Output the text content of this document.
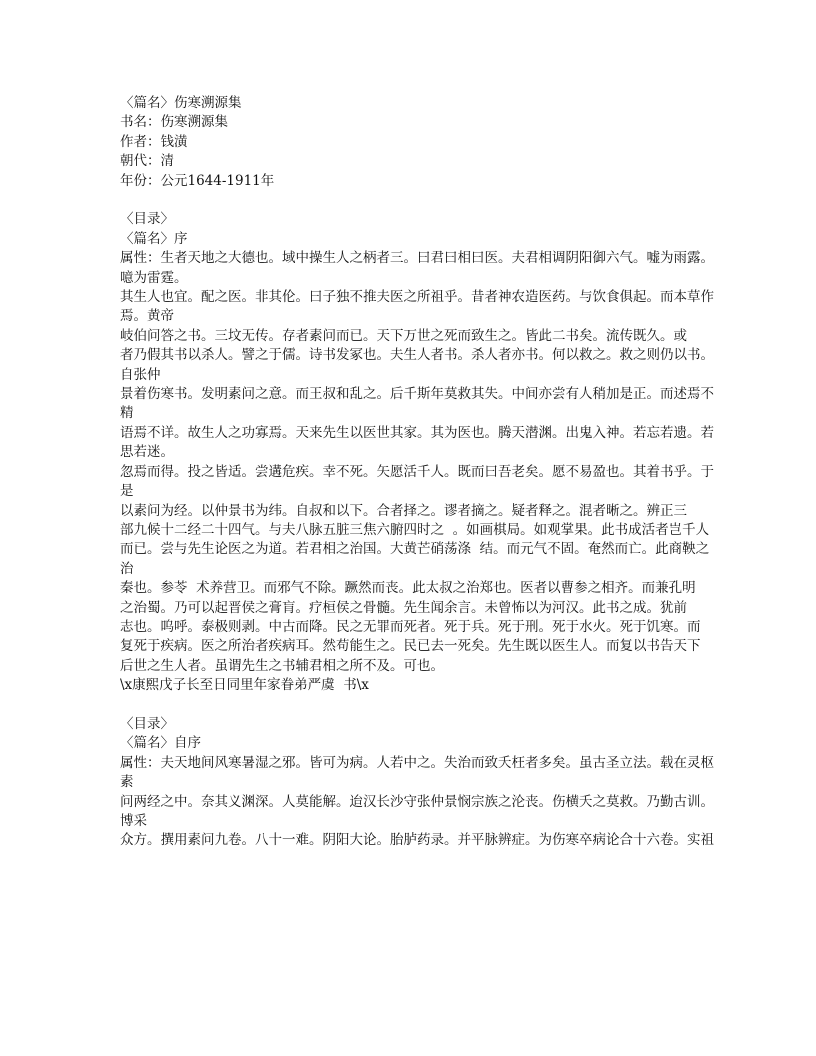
〈篇名〉伤寒溯源集
书名：伤寒溯源集
作者：钱潢
朝代：清
年份：公元1644-1911年
〈目录〉
〈篇名〉序
属性：生者天地之大德也。域中操生人之柄者三。曰君曰相曰医。夫君相调阴阳御六气。嘘为雨露。噫为雷霆。
其生人也宜。配之医。非其伦。曰子独不推夫医之所祖乎。昔者神农造医药。与饮食俱起。而本草作焉。黄帝
岐伯问答之书。三坟无传。存者素问而已。天下万世之死而致生之。皆此二书矣。流传既久。或
者乃假其书以杀人。譬之于儒。诗书发冢也。夫生人者书。杀人者亦书。何以救之。救之则仍以书。自张仲
景着伤寒书。发明素问之意。而王叔和乱之。后千斯年莫救其失。中间亦尝有人稍加是正。而述焉不精
语焉不详。故生人之功寡焉。天来先生以医世其家。其为医也。腾天潜渊。出鬼入神。若忘若遗。若思若迷。
忽焉而得。投之皆适。尝遘危疾。幸不死。矢愿活千人。既而曰吾老矣。愿不易盈也。其着书乎。于是
以素问为经。以仲景书为纬。自叔和以下。合者择之。谬者摘之。疑者释之。混者晰之。辨正三
部九候十二经二十四气。与夫八脉五脏三焦六腑四时之  。如画棋局。如观掌果。此书成活者岂千人
而已。尝与先生论医之为道。若君相之治国。大黄芒硝荡涤  结。而元气不固。奄然而亡。此商鞅之治
秦也。参苓  术养营卫。而邪气不除。蹶然而丧。此太叔之治郑也。医者以曹参之相齐。而兼孔明
之治蜀。乃可以起晋侯之膏肓。疗桓侯之骨髓。先生闻余言。未曾怖以为河汉。此书之成。犹前
志也。呜呼。泰极则剥。中古而降。民之无罪而死者。死于兵。死于刑。死于水火。死于饥寒。而
复死于疾病。医之所治者疾病耳。然苟能生之。民已去一死矣。先生既以医生人。而复以书告天下
后世之生人者。虽谓先生之书辅君相之所不及。可也。
\x康熙戊子长至日同里年家眷弟严虞  书\x
〈目录〉
〈篇名〉自序
属性：夫天地间风寒暑湿之邪。皆可为病。人若中之。失治而致夭枉者多矣。虽古圣立法。载在灵枢素
问两经之中。奈其义渊深。人莫能解。迨汉长沙守张仲景悯宗族之沦丧。伤横夭之莫救。乃勤古训。博采
众方。撰用素问九卷。八十一难。阴阳大论。胎胪药录。并平脉辨症。为伤寒卒病论合十六卷。实祖
